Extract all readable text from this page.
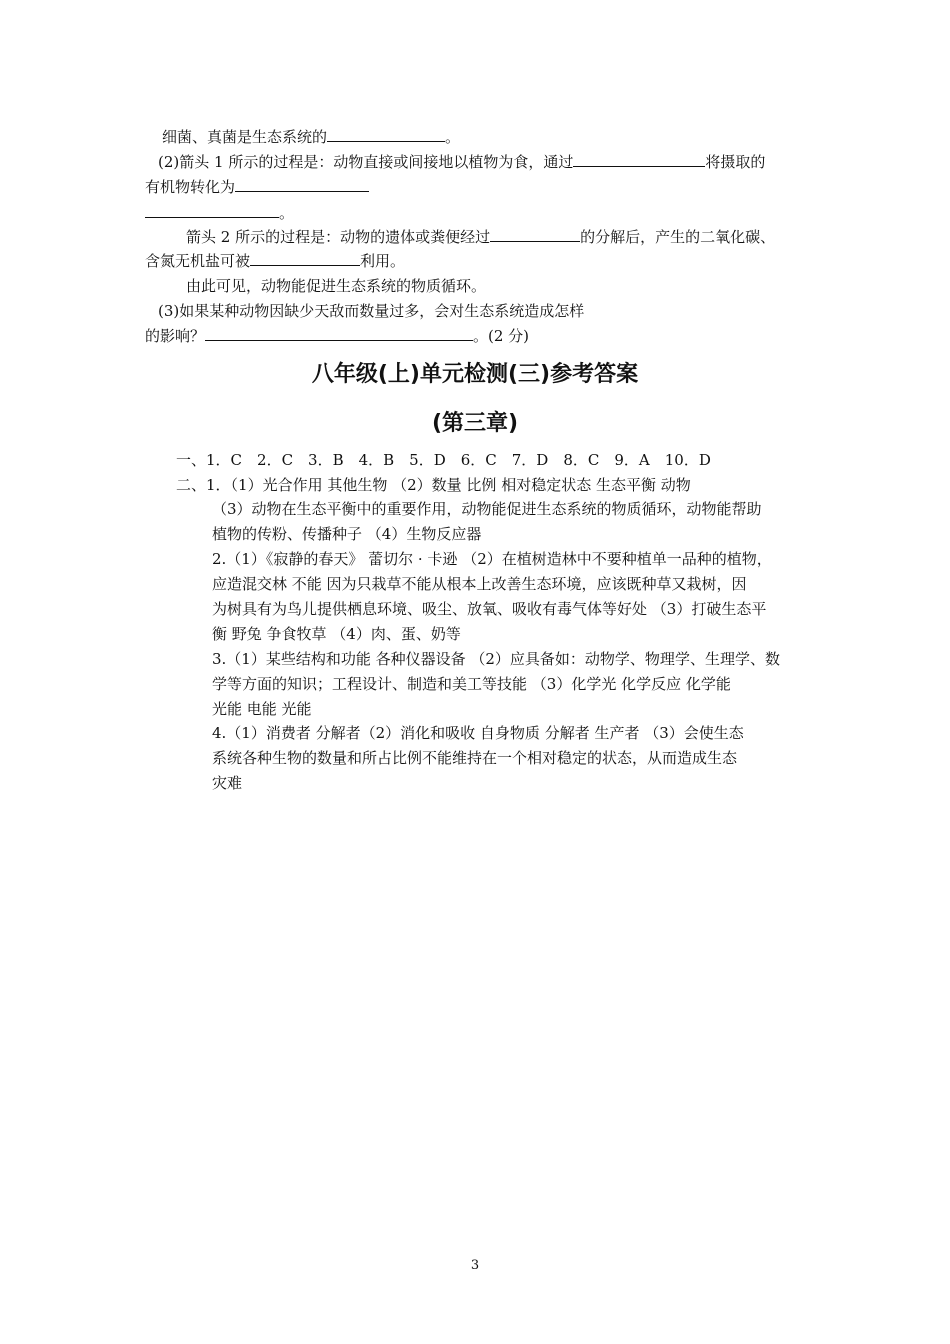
细菌、真菌是生态系统的	。
(2)箭头 1 所示的过程是：动物直接或间接地以植物为食，通过	将摄取的
有机物转化为
。
箭头 2 所示的过程是：动物的遗体或粪便经过	的分解后，产生的二氧化碳、
含氮无机盐可被	利用。
由此可见，动物能促进生态系统的物质循环。
(3)如果某种动物因缺少天敌而数量过多，会对生态系统造成怎样
的影响？	。(2 分)
八年级(上)单元检测(三)参考答案
(第三章)
一、1．C　2．C　3．B　4．B　5．D　6．C　7．D　8．C　9．A　10．D
二、1．（1）光合作用 其他生物 （2）数量 比例 相对稳定状态 生态平衡 动物
（3）动物在生态平衡中的重要作用，动物能促进生态系统的物质循环，动物能帮助
植物的传粉、传播种子 （4）生物反应器
2.（1）《寂静的春天》 蕾切尔 · 卡逊 （2）在植树造林中不要种植单一品种的植物，
应造混交林 不能 因为只栽草不能从根本上改善生态环境，应该既种草又栽树，因
为树具有为鸟儿提供栖息环境、吸尘、放氧、吸收有毒气体等好处 （3）打破生态平
衡 野兔 争食牧草 （4）肉、蛋、奶等
3.（1）某些结构和功能 各种仪器设备 （2）应具备如：动物学、物理学、生理学、数
学等方面的知识；工程设计、制造和美工等技能 （3）化学光 化学反应 化学能
光能 电能 光能
4.（1）消费者 分解者（2）消化和吸收 自身物质 分解者 生产者 （3）会使生态
系统各种生物的数量和所占比例不能维持在一个相对稳定的状态，从而造成生态
灾难
3
